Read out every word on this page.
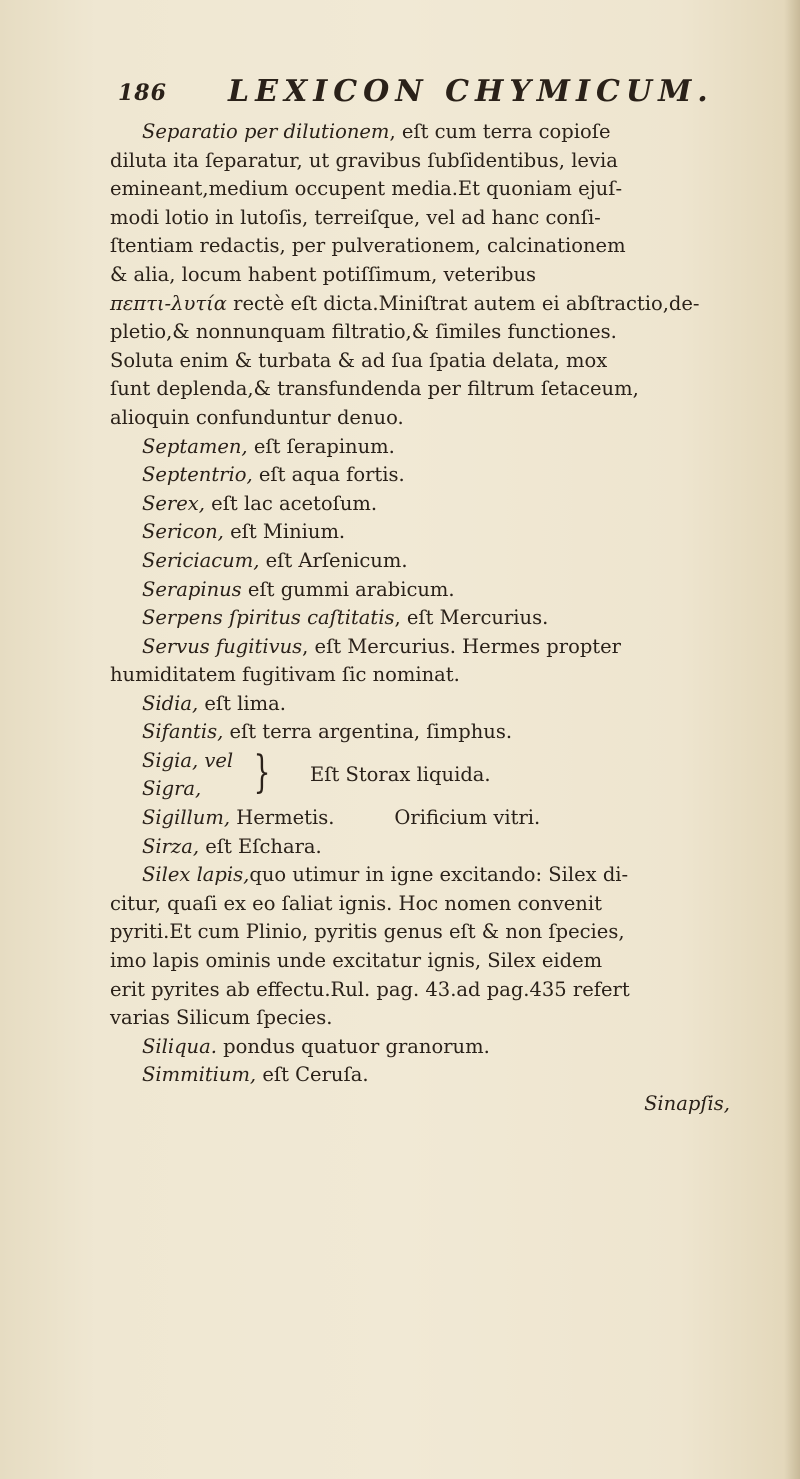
186 LEXICON CHYMICUM.
Separatio per dilutionem, eſt cum terra copioſe
diluta ita ſeparatur, ut gravibus ſubſidentibus, levia
emineant,medium occupent media.Et quoniam ejuſ-
modi lotio in lutoſis, terreiſque, vel ad hanc conſi-
ſtentiam redactis, per pulverationem, calcinationem
& alia, locum habent potiſſimum, veteribus
πεπτι-λυτία rectè eſt dicta.Miniſtrat autem ei abſtractio,de-
pletio,& nonnunquam filtratio,& ſimiles functiones.
Soluta enim & turbata & ad ſua ſpatia delata, mox
ſunt deplenda,& transfundenda per filtrum ſetaceum,
alioquin confunduntur denuo.
Septamen, eſt ſerapinum.
Septentrio, eſt aqua fortis.
Serex, eſt lac acetoſum.
Sericon, eſt Minium.
Sericiacum, eſt Arſenicum.
Serapinus eſt gummi arabicum.
Serpens ſpiritus caſtitatis, eſt Mercurius.
Servus fugitivus, eſt Mercurius. Hermes propter
humiditatem fugitivam ſic nominat.
Sidia, eſt lima.
Sifantis, eſt terra argentina, ſimphus.
Sigia, vel
Sigra, } Eſt Storax liquida.
Sigillum, Hermetis.	Orificium vitri.
Sirza, eſt Eſchara.
Silex lapis,quo utimur in igne excitando: Silex di-
citur, quaſi ex eo ſaliat ignis. Hoc nomen convenit
pyriti.Et cum Plinio, pyritis genus eſt & non ſpecies,
imo lapis ominis unde excitatur ignis, Silex eidem
erit pyrites ab effectu.Rul. pag. 43.ad pag.435 refert
varias Silicum ſpecies.
Siliqua. pondus quatuor granorum.
Simmitium, eſt Ceruſa.
Sinapſis,
